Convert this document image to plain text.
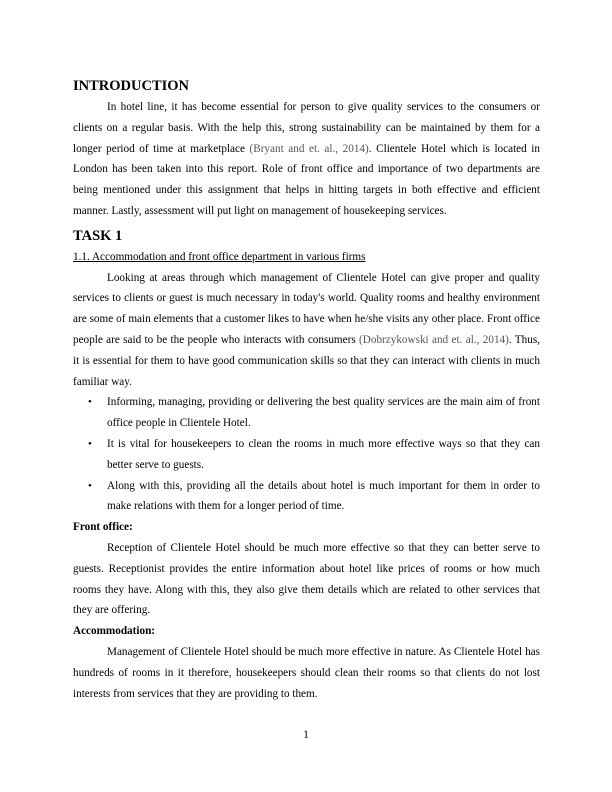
INTRODUCTION

In hotel line, it has become essential for person to give quality services to the consumers or clients on a regular basis. With the help this, strong sustainability can be maintained by them for a longer period of time at marketplace (Bryant and et. al., 2014). Clientele Hotel which is located in London has been taken into this report. Role of front office and importance of two departments are being mentioned under this assignment that helps in hitting targets in both effective and efficient manner. Lastly, assessment will put light on management of housekeeping services.

TASK 1

1.1. Accommodation and front office department in various firms

Looking at areas through which management of Clientele Hotel can give proper and quality services to clients or guest is much necessary in today's world. Quality rooms and healthy environment are some of main elements that a customer likes to have when he/she visits any other place. Front office people are said to be the people who interacts with consumers (Dobrzykowski and et. al., 2014). Thus, it is essential for them to have good communication skills so that they can interact with clients in much familiar way.

• Informing, managing, providing or delivering the best quality services are the main aim of front office people in Clientele Hotel.
• It is vital for housekeepers to clean the rooms in much more effective ways so that they can better serve to guests.
• Along with this, providing all the details about hotel is much important for them in order to make relations with them for a longer period of time.

Front office:

Reception of Clientele Hotel should be much more effective so that they can better serve to guests. Receptionist provides the entire information about hotel like prices of rooms or how much rooms they have. Along with this, they also give them details which are related to other services that they are offering.

Accommodation:

Management of Clientele Hotel should be much more effective in nature. As Clientele Hotel has hundreds of rooms in it therefore, housekeepers should clean their rooms so that clients do not lost interests from services that they are providing to them.

1
